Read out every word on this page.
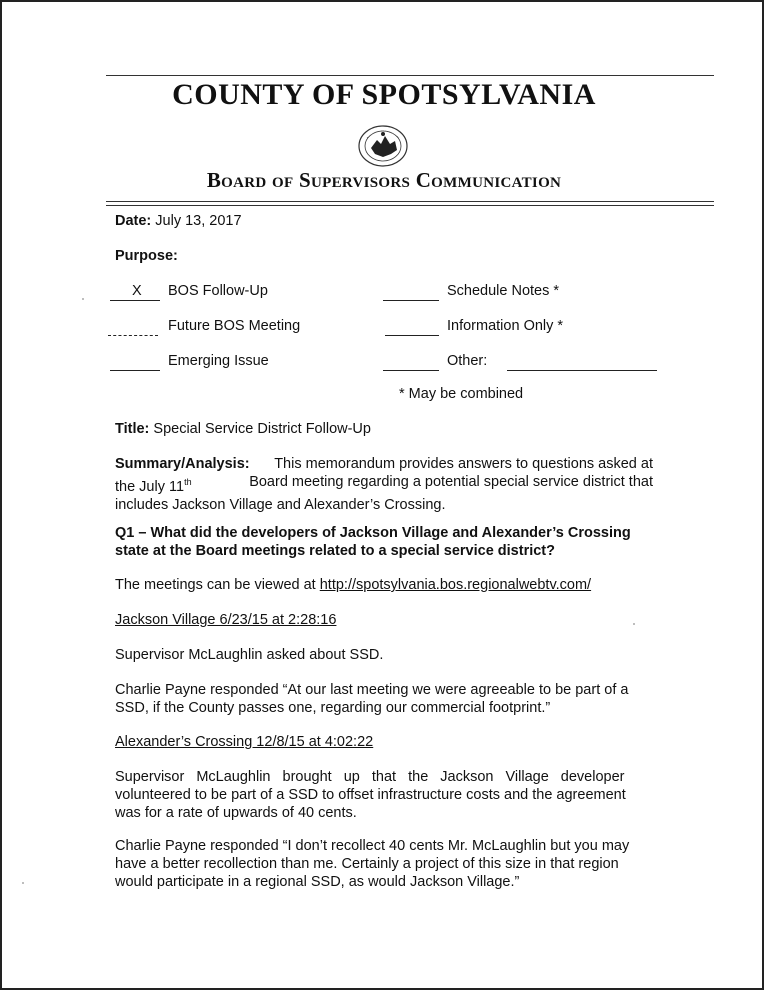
COUNTY OF SPOTSYLVANIA
Board of Supervisors Communication
Date: July 13, 2017
Purpose:
X BOS Follow-Up	Schedule Notes *
Future BOS Meeting	Information Only *
Emerging Issue	Other:
* May be combined
Title: Special Service District Follow-Up
Summary/Analysis: This memorandum provides answers to questions asked at
the July 11th	Board meeting regarding a potential special service district that
includes Jackson Village and Alexander’s Crossing.
Q1 – What did the developers of Jackson Village and Alexander’s Crossing
state at the Board meetings related to a special service district?
The meetings can be viewed at http://spotsylvania.bos.regionalwebtv.com/
Jackson Village 6/23/15 at 2:28:16
Supervisor McLaughlin asked about SSD.
Charlie Payne responded “At our last meeting we were agreeable to be part of a
SSD, if the County passes one, regarding our commercial footprint.”
Alexander’s Crossing 12/8/15 at 4:02:22
Supervisor McLaughlin brought up that the Jackson Village developer
volunteered to be part of a SSD to offset infrastructure costs and the agreement
was for a rate of upwards of 40 cents.
Charlie Payne responded “I don’t recollect 40 cents Mr. McLaughlin but you may
have a better recollection than me. Certainly a project of this size in that region
would participate in a regional SSD, as would Jackson Village.”
